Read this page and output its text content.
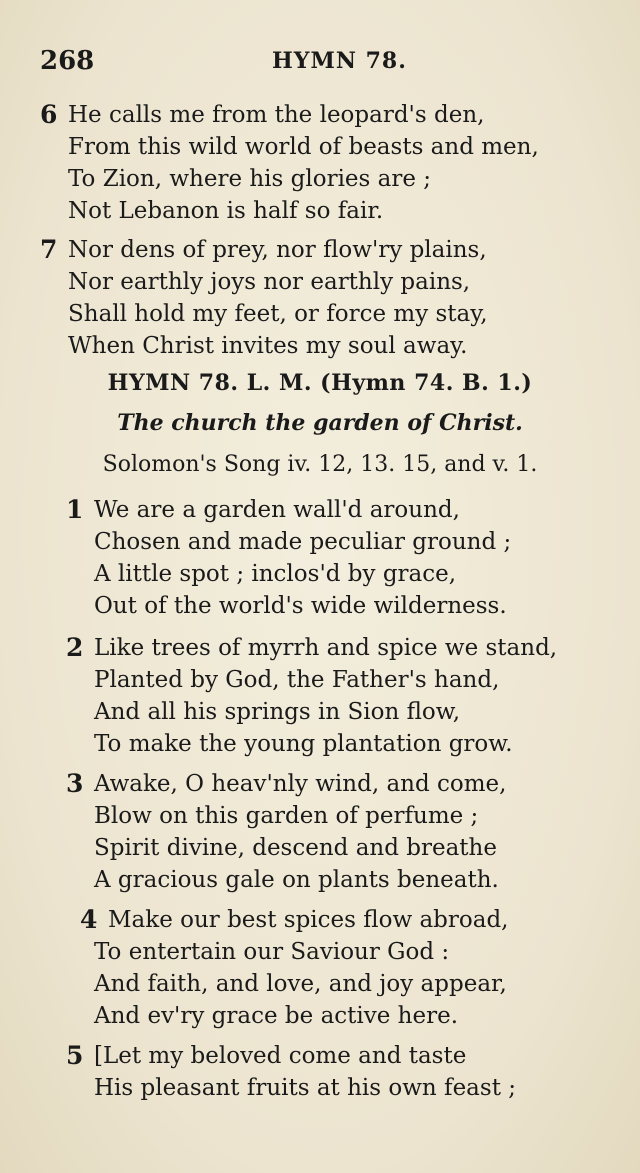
268	HYMN 78.
6 He calls me from the leopard's den,
From this wild world of beasts and men,
To Zion, where his glories are ;
Not Lebanon is half so fair.
7 Nor dens of prey, nor flow'ry plains,
Nor earthly joys nor earthly pains,
Shall hold my feet, or force my stay,
When Christ invites my soul away.
HYMN 78. L. M. (Hymn 74. B. 1.)
The church the garden of Christ.
Solomon's Song iv. 12, 13. 15, and v. 1.
1 We are a garden wall'd around,
Chosen and made peculiar ground ;
A little spot ; inclos'd by grace,
Out of the world's wide wilderness.
2 Like trees of myrrh and spice we stand,
Planted by God, the Father's hand,
And all his springs in Sion flow,
To make the young plantation grow.
3 Awake, O heav'nly wind, and come,
Blow on this garden of perfume ;
Spirit divine, descend and breathe
A gracious gale on plants beneath.
4 Make our best spices flow abroad,
To entertain our Saviour God :
And faith, and love, and joy appear,
And ev'ry grace be active here.
5 [Let my beloved come and taste
His pleasant fruits at his own feast ;
